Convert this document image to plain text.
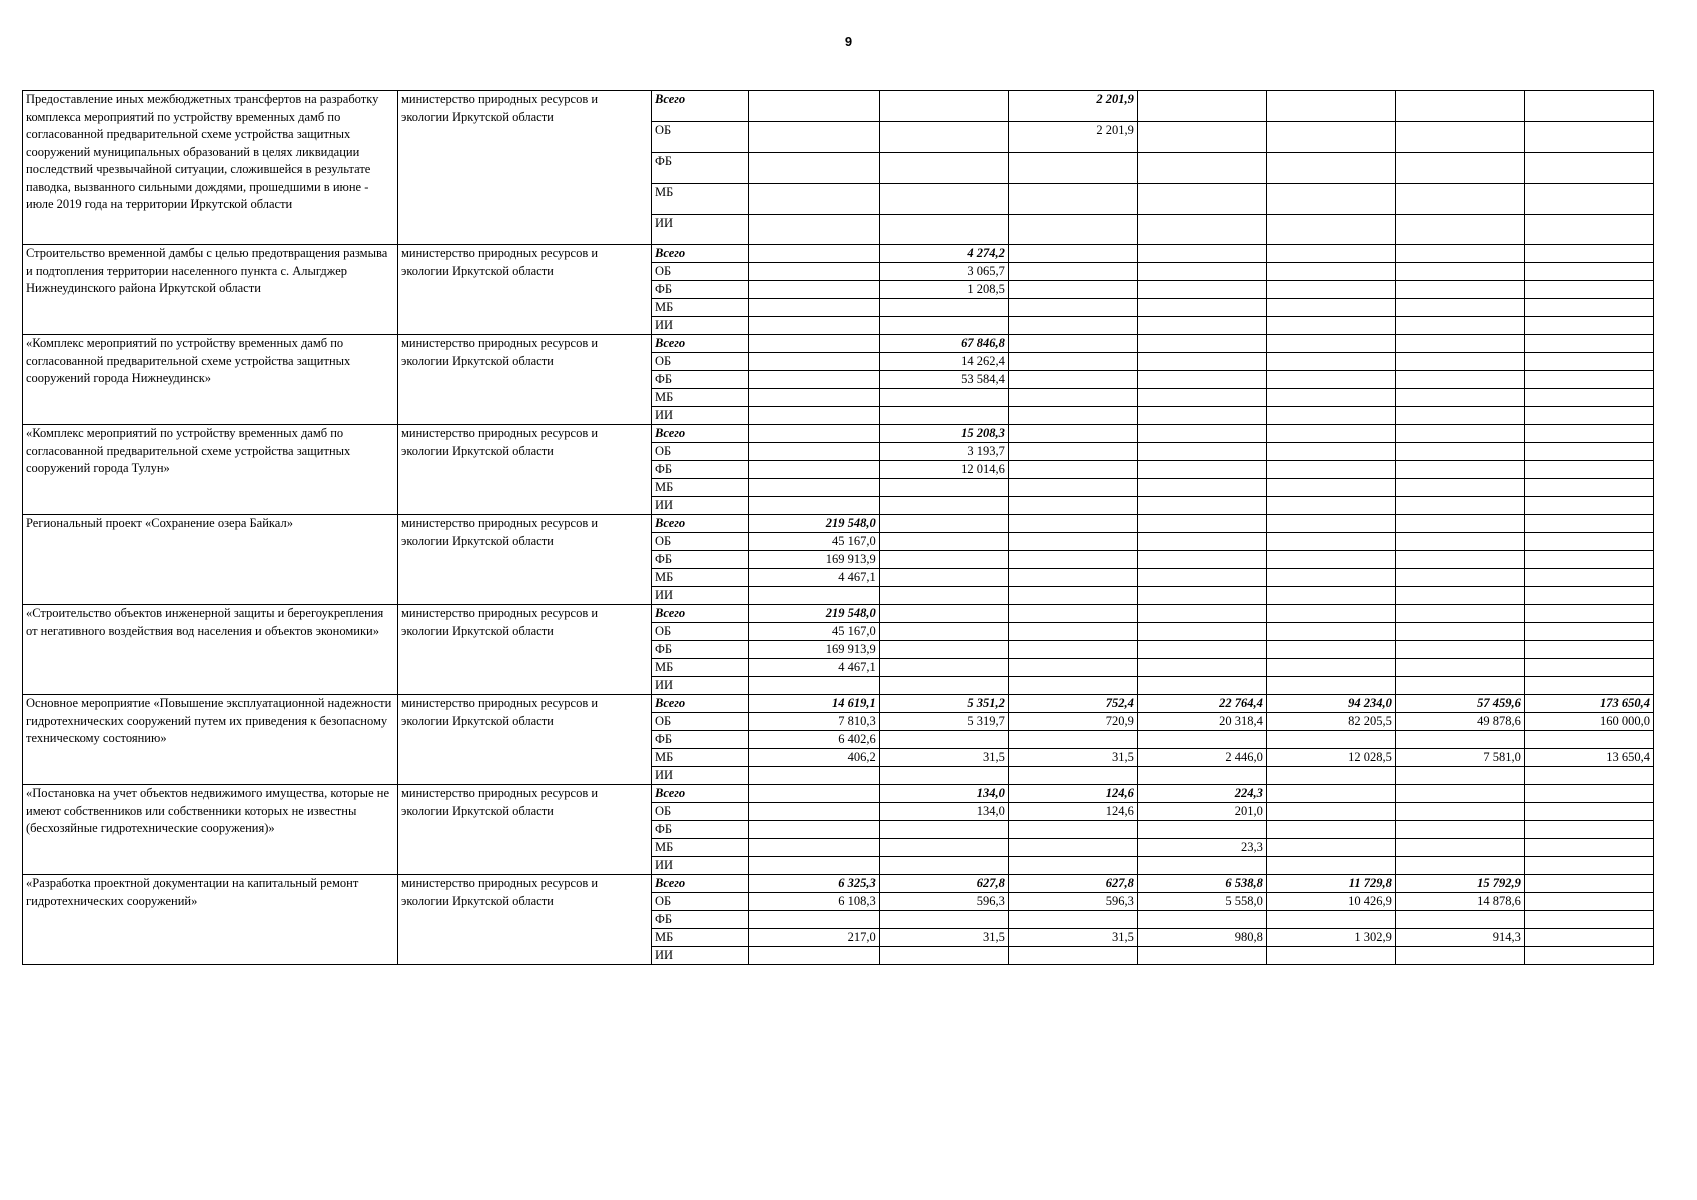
9
Предоставление иных межбюджетных трансфертов на разработку комплекса мероприятий по устройству временных дамб по согласованной предварительной схеме устройства защитных сооружений муниципальных образований в целях ликвидации последствий чрезвычайной ситуации, сложившейся в результате паводка, вызванного сильными дождями, прошедшими в июне - июле 2019 года на территории Иркутской области	министерство природных ресурсов и экологии Иркутской области	Всего			2 201,9				
		ОБ			2 201,9				
		ФБ							
		МБ							
		ИИ							
Строительство временной дамбы с целью предотвращения размыва и подтопления территории населенного пункта с. Алыгджер Нижнеудинского района Иркутской области	министерство природных ресурсов и экологии Иркутской области	Всего		4 274,2					
		ОБ		3 065,7					
		ФБ		1 208,5					
		МБ							
		ИИ							
«Комплекс мероприятий по устройству временных дамб по согласованной предварительной схеме устройства защитных сооружений города Нижнеудинск»	министерство природных ресурсов и экологии Иркутской области	Всего		67 846,8					
		ОБ		14 262,4					
		ФБ		53 584,4					
		МБ							
		ИИ							
«Комплекс мероприятий по устройству временных дамб по согласованной предварительной схеме устройства защитных сооружений города Тулун»	министерство природных ресурсов и экологии Иркутской области	Всего		15 208,3					
		ОБ		3 193,7					
		ФБ		12 014,6					
		МБ							
		ИИ							
Региональный проект «Сохранение озера Байкал»	министерство природных ресурсов и экологии Иркутской области	Всего	219 548,0						
		ОБ	45 167,0						
		ФБ	169 913,9						
		МБ	4 467,1						
		ИИ							
«Строительство объектов инженерной защиты и берегоукрепления от негативного воздействия вод населения и объектов экономики»	министерство природных ресурсов и экологии Иркутской области	Всего	219 548,0						
		ОБ	45 167,0						
		ФБ	169 913,9						
		МБ	4 467,1						
		ИИ							
Основное мероприятие «Повышение эксплуатационной надежности гидротехнических сооружений путем их приведения к безопасному техническому состоянию»	министерство природных ресурсов и экологии Иркутской области	Всего	14 619,1	5 351,2	752,4	22 764,4	94 234,0	57 459,6	173 650,4
		ОБ	7 810,3	5 319,7	720,9	20 318,4	82 205,5	49 878,6	160 000,0
		ФБ	6 402,6						
		МБ	406,2	31,5	31,5	2 446,0	12 028,5	7 581,0	13 650,4
		ИИ							
«Постановка на учет объектов недвижимого имущества, которые не имеют собственников или собственники которых не известны (бесхозяйные гидротехнические сооружения)»	министерство природных ресурсов и экологии Иркутской области	Всего		134,0	124,6	224,3			
		ОБ		134,0	124,6	201,0			
		ФБ							
		МБ				23,3			
		ИИ							
«Разработка проектной документации на капитальный ремонт гидротехнических сооружений»	министерство природных ресурсов и экологии Иркутской области	Всего	6 325,3	627,8	627,8	6 538,8	11 729,8	15 792,9	
		ОБ	6 108,3	596,3	596,3	5 558,0	10 426,9	14 878,6	
		ФБ							
		МБ	217,0	31,5	31,5	980,8	1 302,9	914,3	
		ИИ							
